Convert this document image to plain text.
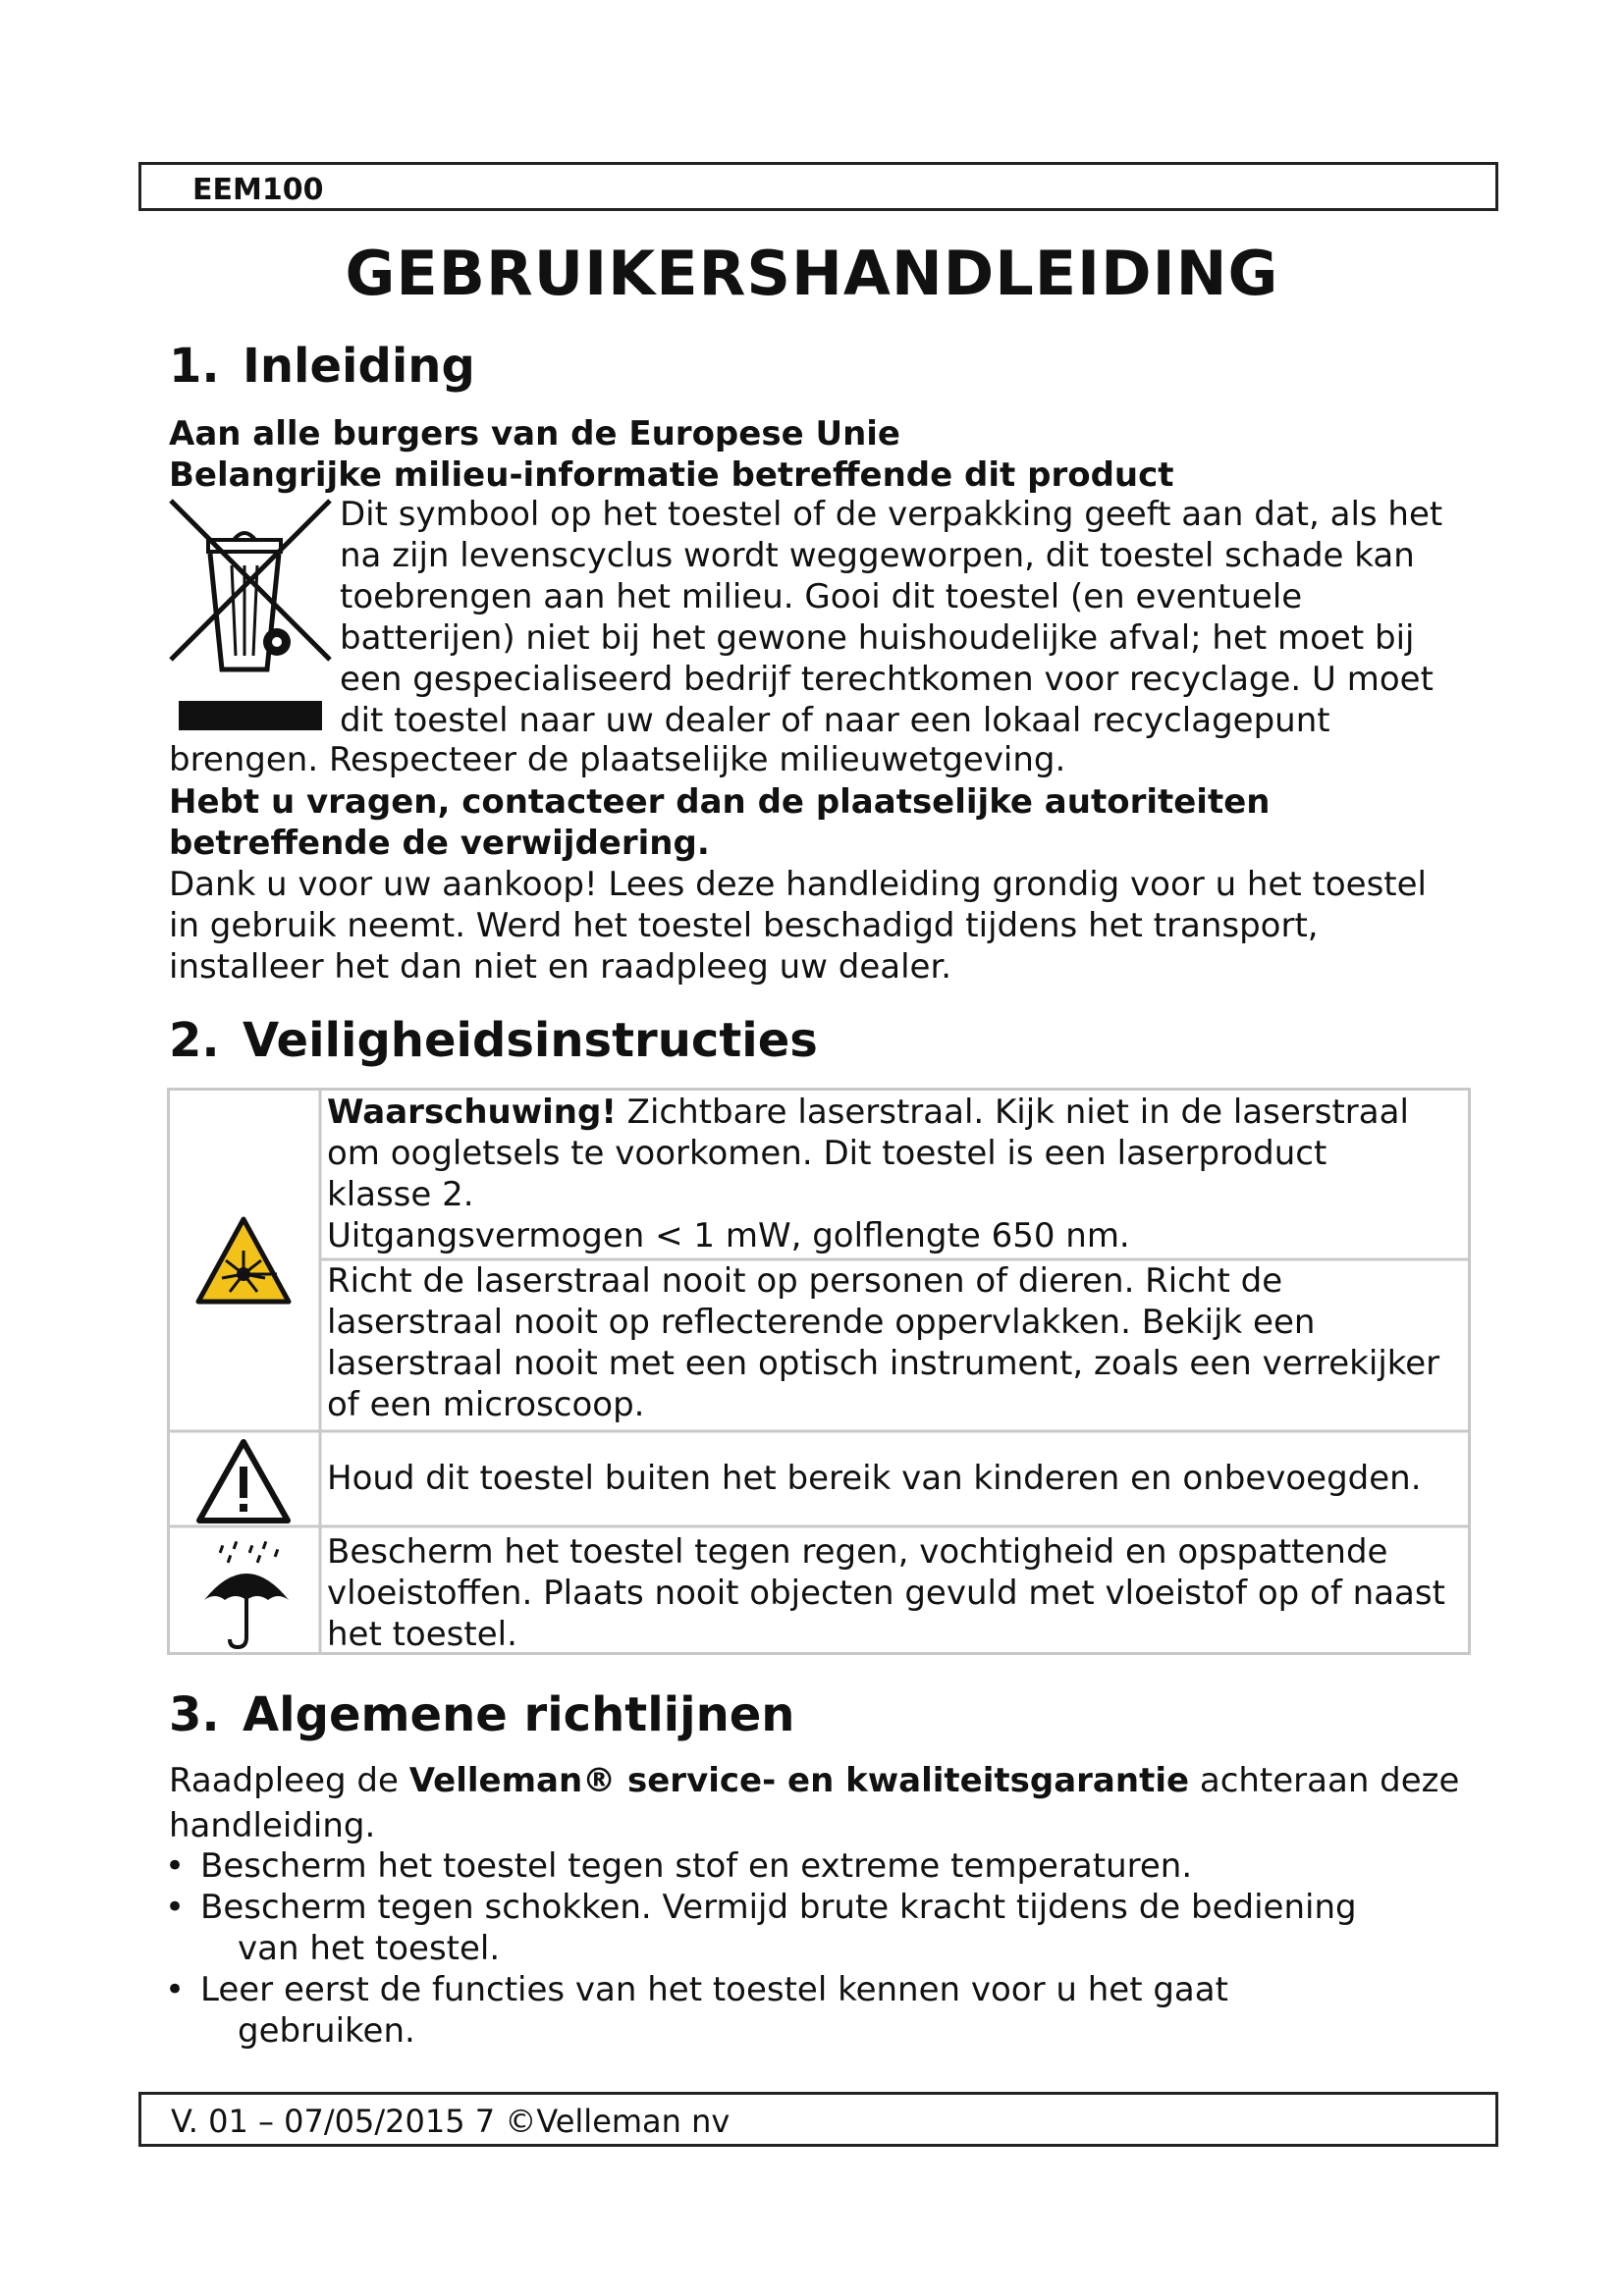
EEM100
GEBRUIKERSHANDLEIDING
1. Inleiding
Aan alle burgers van de Europese Unie
Belangrijke milieu-informatie betreffende dit product
Dit symbool op het toestel of de verpakking geeft aan dat, als het
na zijn levenscyclus wordt weggeworpen, dit toestel schade kan
toebrengen aan het milieu. Gooi dit toestel (en eventuele
batterijen) niet bij het gewone huishoudelijke afval; het moet bij
een gespecialiseerd bedrijf terechtkomen voor recyclage. U moet
dit toestel naar uw dealer of naar een lokaal recyclagepunt
brengen. Respecteer de plaatselijke milieuwetgeving.
Hebt u vragen, contacteer dan de plaatselijke autoriteiten
betreffende de verwijdering.
Dank u voor uw aankoop! Lees deze handleiding grondig voor u het toestel
in gebruik neemt. Werd het toestel beschadigd tijdens het transport,
installeer het dan niet en raadpleeg uw dealer.
2. Veiligheidsinstructies
Waarschuwing! Zichtbare laserstraal. Kijk niet in de laserstraal
om oogletsels te voorkomen. Dit toestel is een laserproduct
klasse 2.
Uitgangsvermogen < 1 mW, golflengte 650 nm.
Richt de laserstraal nooit op personen of dieren. Richt de
laserstraal nooit op reflecterende oppervlakken. Bekijk een
laserstraal nooit met een optisch instrument, zoals een verrekijker
of een microscoop.
Houd dit toestel buiten het bereik van kinderen en onbevoegden.
Bescherm het toestel tegen regen, vochtigheid en opspattende
vloeistoffen. Plaats nooit objecten gevuld met vloeistof op of naast
het toestel.
3. Algemene richtlijnen
Raadpleeg de Velleman® service- en kwaliteitsgarantie achteraan deze
handleiding.
• Bescherm het toestel tegen stof en extreme temperaturen.
• Bescherm tegen schokken. Vermijd brute kracht tijdens de bediening
van het toestel.
• Leer eerst de functies van het toestel kennen voor u het gaat
gebruiken.
V. 01 – 07/05/2015 7 ©Velleman nv
